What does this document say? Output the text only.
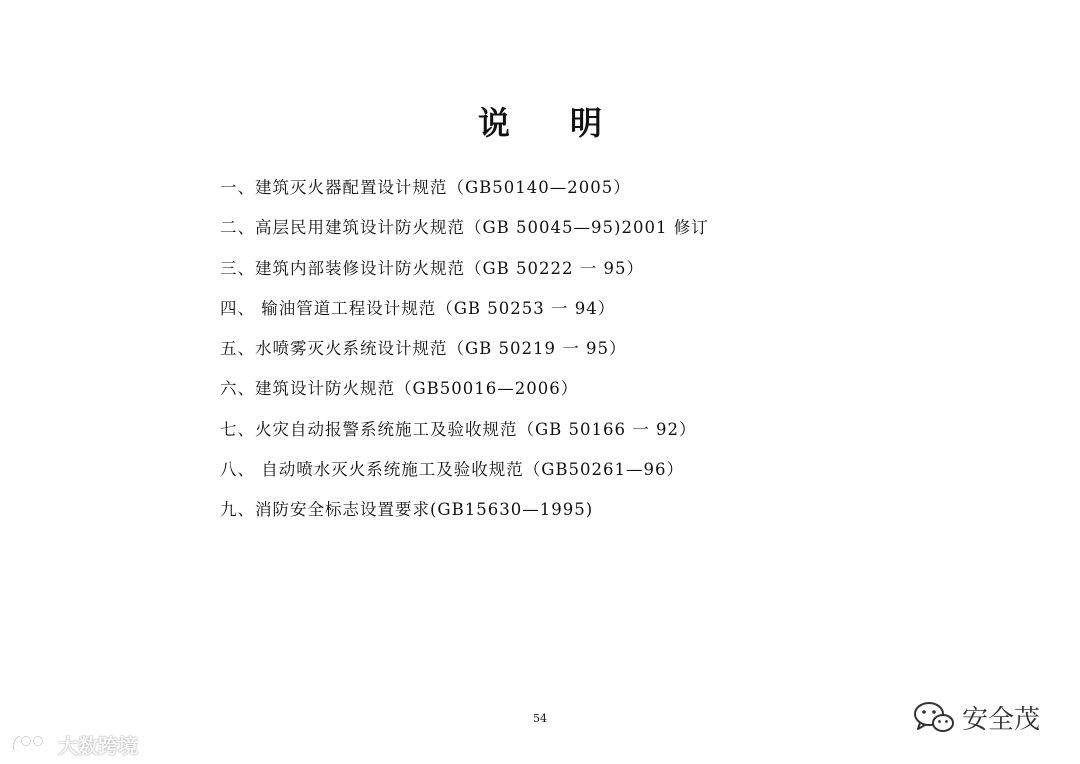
说 明
一、建筑灭火器配置设计规范（GB50140—2005）
二、高层民用建筑设计防火规范（GB 50045—95)2001 修订
三、建筑内部装修设计防火规范（GB 50222 一 95）
四、 输油管道工程设计规范（GB 50253 一 94）
五、水喷雾灭火系统设计规范（GB 50219 一 95）
六、建筑设计防火规范（GB50016—2006）
七、火灾自动报警系统施工及验收规范（GB 50166 一 92）
八、 自动喷水灭火系统施工及验收规范（GB50261—96）
九、消防安全标志设置要求(GB15630—1995)
54
大数跨境
安全茂
